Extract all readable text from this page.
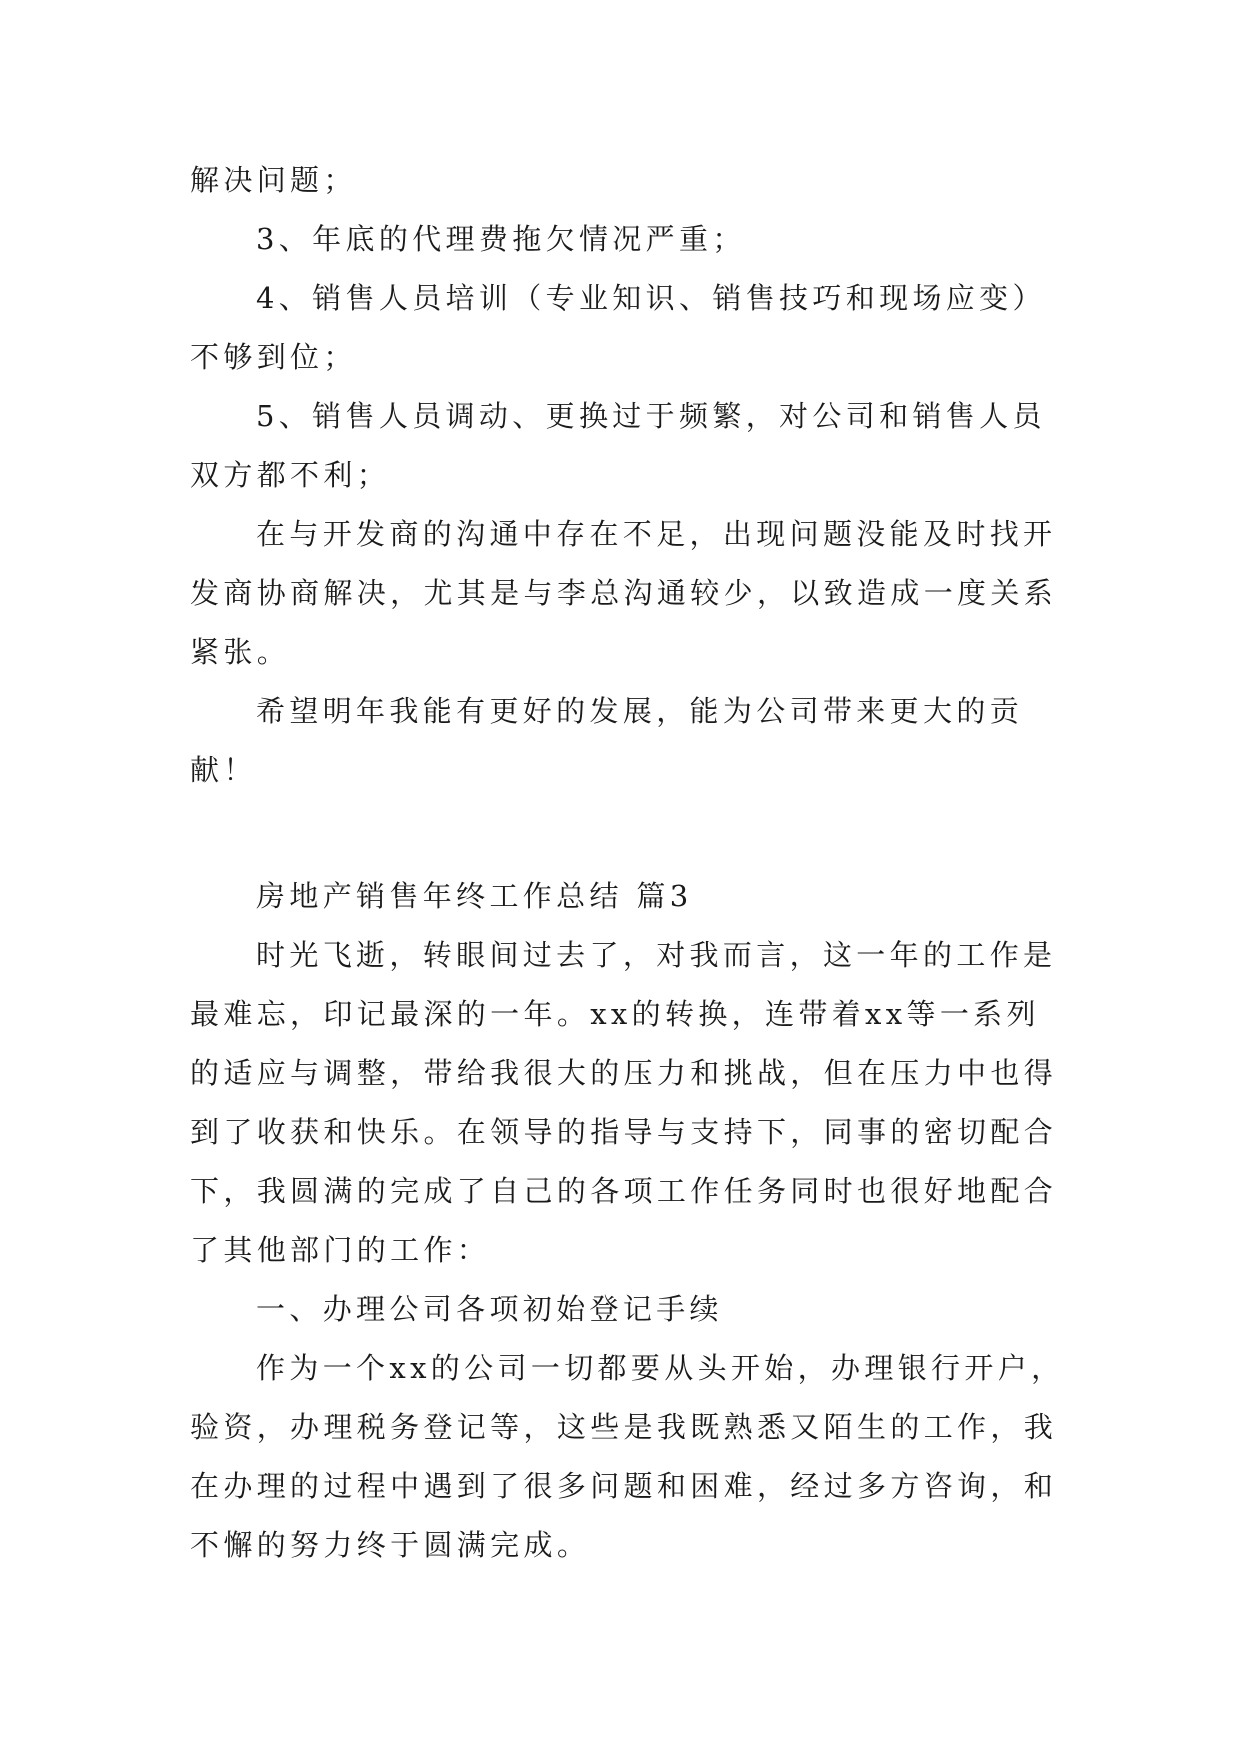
解决问题；
3、年底的代理费拖欠情况严重；
4、销售人员培训（专业知识、销售技巧和现场应变）
不够到位；
5、销售人员调动、更换过于频繁，对公司和销售人员
双方都不利；
在与开发商的沟通中存在不足，出现问题没能及时找开
发商协商解决，尤其是与李总沟通较少，以致造成一度关系
紧张。
希望明年我能有更好的发展，能为公司带来更大的贡
献！
房地产销售年终工作总结 篇3
时光飞逝，转眼间过去了，对我而言，这一年的工作是
最难忘，印记最深的一年。xx的转换，连带着xx等一系列
的适应与调整，带给我很大的压力和挑战，但在压力中也得
到了收获和快乐。在领导的指导与支持下，同事的密切配合
下，我圆满的完成了自己的各项工作任务同时也很好地配合
了其他部门的工作：
一、办理公司各项初始登记手续
作为一个xx的公司一切都要从头开始，办理银行开户，
验资，办理税务登记等，这些是我既熟悉又陌生的工作，我
在办理的过程中遇到了很多问题和困难，经过多方咨询，和
不懈的努力终于圆满完成。
